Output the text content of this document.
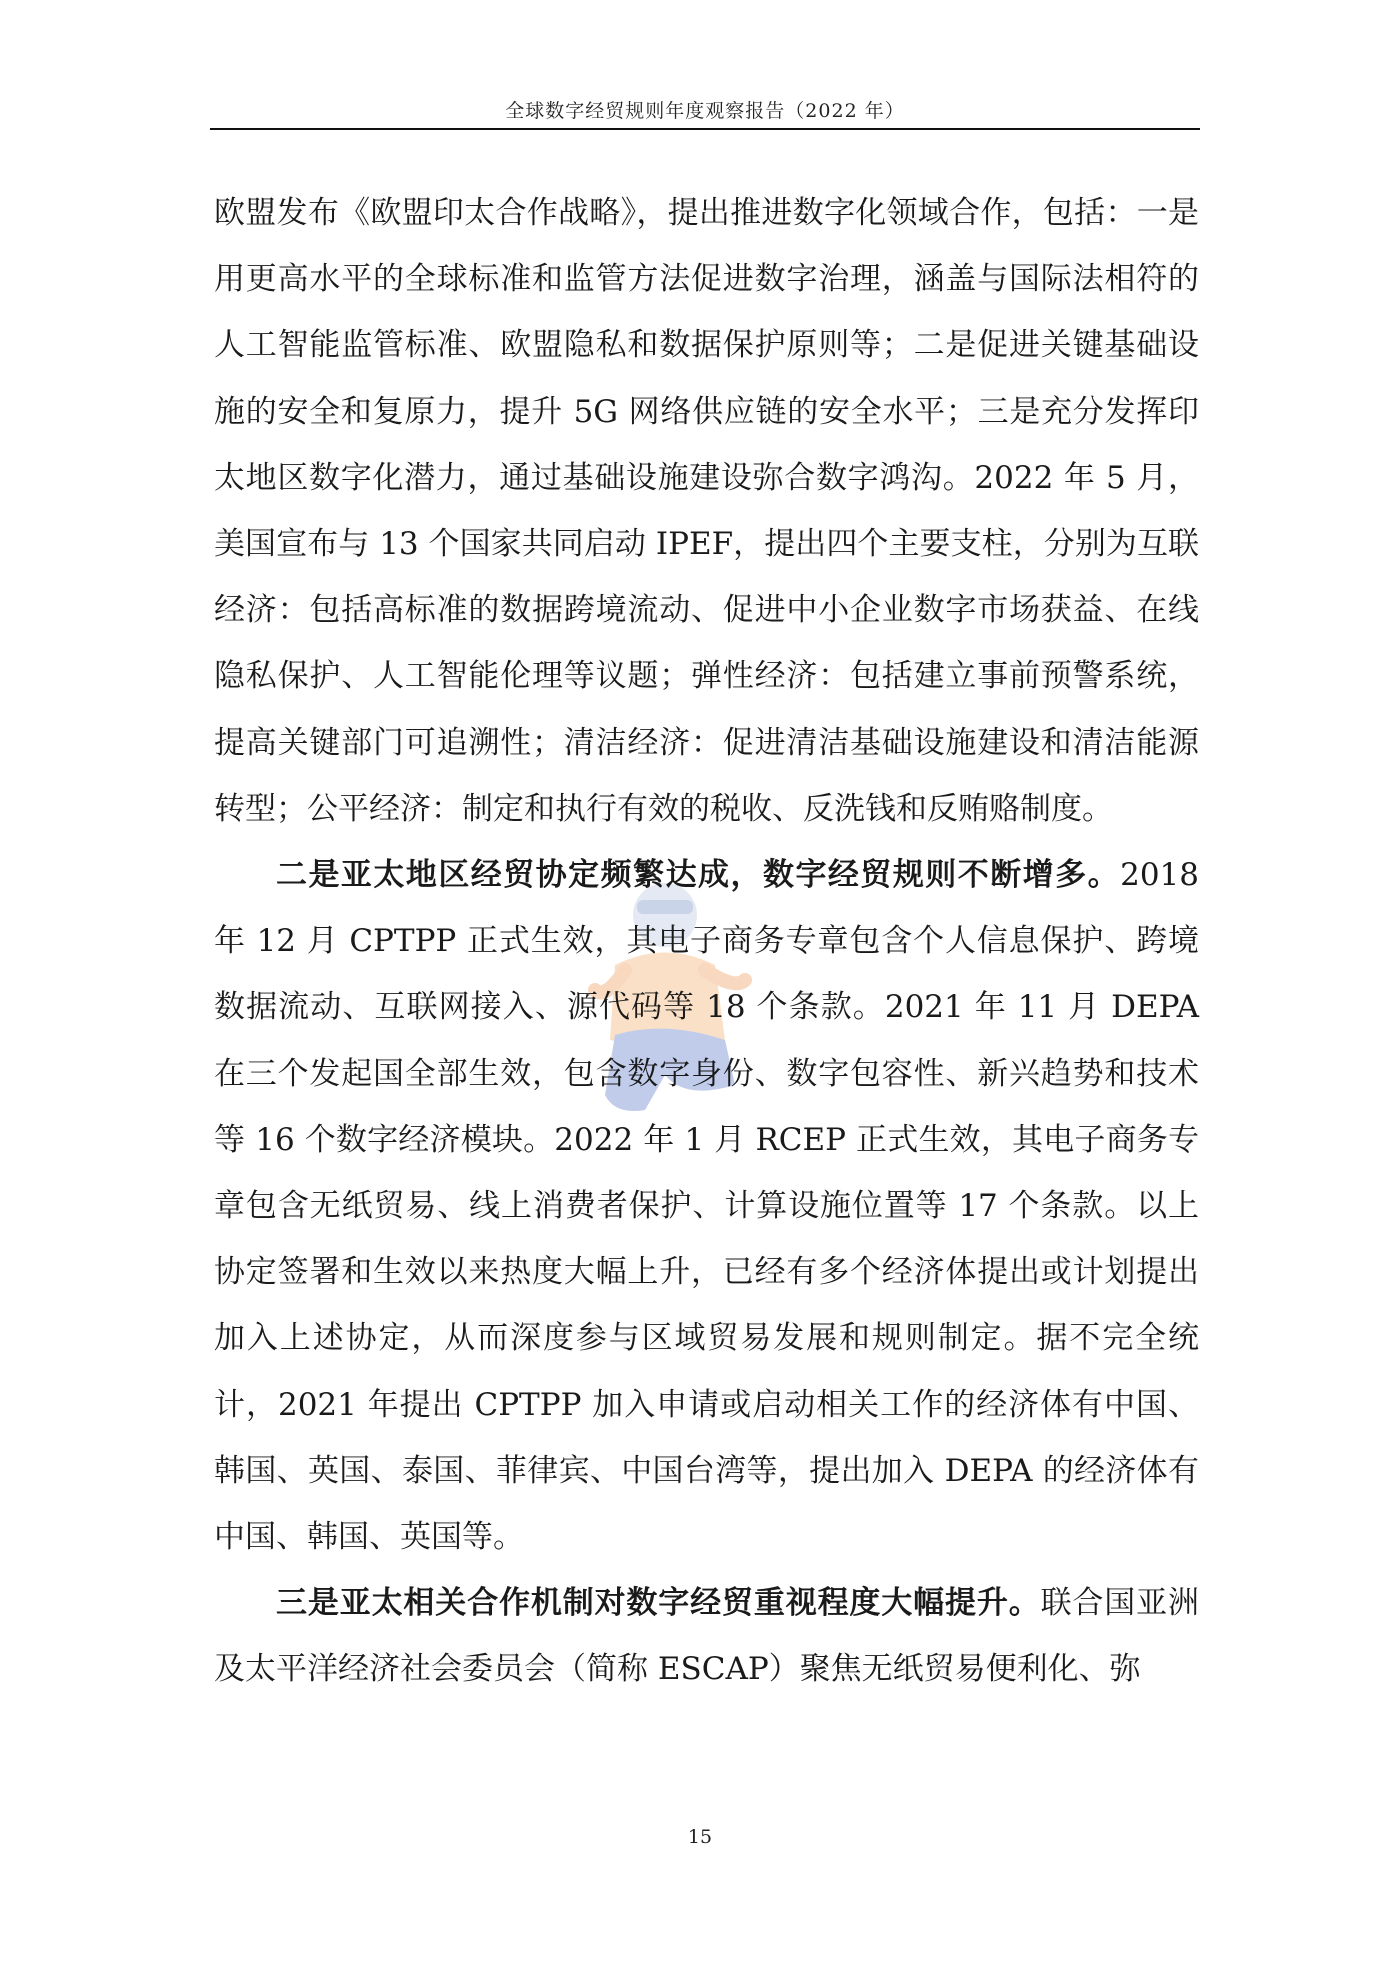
全球数字经贸规则年度观察报告（2022 年）

欧盟发布《欧盟印太合作战略》，提出推进数字化领域合作，包括：一是用更高水平的全球标准和监管方法促进数字治理，涵盖与国际法相符的人工智能监管标准、欧盟隐私和数据保护原则等；二是促进关键基础设施的安全和复原力，提升 5G 网络供应链的安全水平；三是充分发挥印太地区数字化潜力，通过基础设施建设弥合数字鸿沟。2022 年 5 月，美国宣布与 13 个国家共同启动 IPEF，提出四个主要支柱，分别为互联经济：包括高标准的数据跨境流动、促进中小企业数字市场获益、在线隐私保护、人工智能伦理等议题；弹性经济：包括建立事前预警系统，提高关键部门可追溯性；清洁经济：促进清洁基础设施建设和清洁能源转型；公平经济：制定和执行有效的税收、反洗钱和反贿赂制度。

二是亚太地区经贸协定频繁达成，数字经贸规则不断增多。2018 年 12 月 CPTPP 正式生效，其电子商务专章包含个人信息保护、跨境数据流动、互联网接入、源代码等 18 个条款。2021 年 11 月 DEPA 在三个发起国全部生效，包含数字身份、数字包容性、新兴趋势和技术等 16 个数字经济模块。2022 年 1 月 RCEP 正式生效，其电子商务专章包含无纸贸易、线上消费者保护、计算设施位置等 17 个条款。以上协定签署和生效以来热度大幅上升，已经有多个经济体提出或计划提出加入上述协定，从而深度参与区域贸易发展和规则制定。据不完全统计，2021 年提出 CPTPP 加入申请或启动相关工作的经济体有中国、韩国、英国、泰国、菲律宾、中国台湾等，提出加入 DEPA 的经济体有中国、韩国、英国等。

三是亚太相关合作机制对数字经贸重视程度大幅提升。联合国亚洲及太平洋经济社会委员会（简称 ESCAP）聚焦无纸贸易便利化、弥

15
